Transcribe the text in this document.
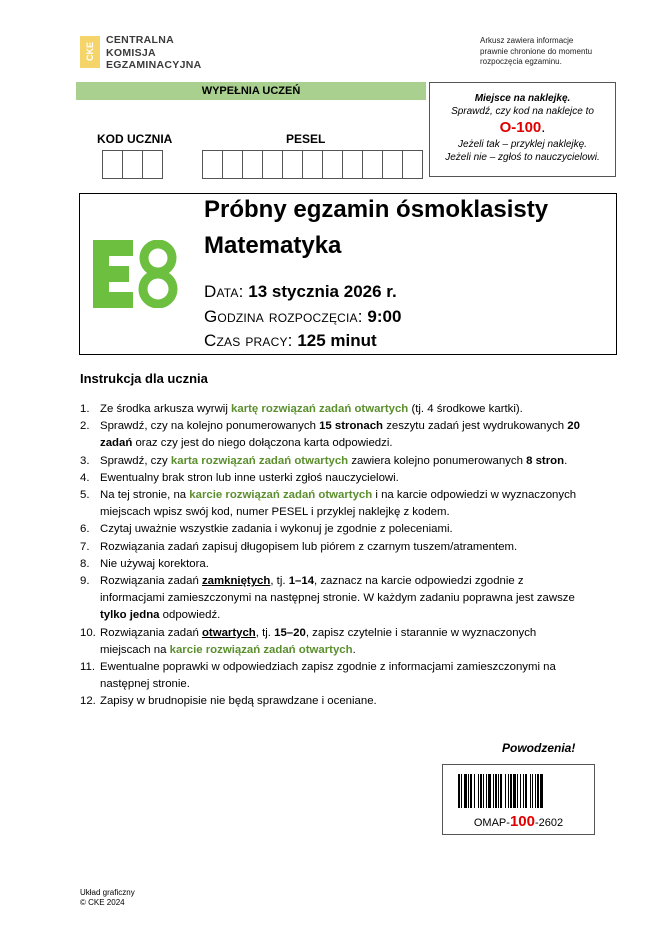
CKE
CENTRALNA
KOMISJA
EGZAMINACYJNA
Arkusz zawiera informacje
prawnie chronione do momentu
rozpoczęcia egzaminu.
WYPEŁNIA UCZEŃ
KOD UCZNIA	PESEL
Miejsce na naklejkę.
Sprawdź, czy kod na naklejce to
O-100.
Jeżeli tak – przyklej naklejkę.
Jeżeli nie – zgłoś to nauczycielowi.
Próbny egzamin ósmoklasisty
Matematyka
Data: 13 stycznia 2026 r.
Godzina rozpoczęcia: 9:00
Czas pracy: 125 minut
Instrukcja dla ucznia
1. Ze środka arkusza wyrwij kartę rozwiązań zadań otwartych (tj. 4 środkowe kartki).
2. Sprawdź, czy na kolejno ponumerowanych 15 stronach zeszytu zadań jest wydrukowanych 20 zadań oraz czy jest do niego dołączona karta odpowiedzi.
3. Sprawdź, czy karta rozwiązań zadań otwartych zawiera kolejno ponumerowanych 8 stron.
4. Ewentualny brak stron lub inne usterki zgłoś nauczycielowi.
5. Na tej stronie, na karcie rozwiązań zadań otwartych i na karcie odpowiedzi w wyznaczonych miejscach wpisz swój kod, numer PESEL i przyklej naklejkę z kodem.
6. Czytaj uważnie wszystkie zadania i wykonuj je zgodnie z poleceniami.
7. Rozwiązania zadań zapisuj długopisem lub piórem z czarnym tuszem/atramentem.
8. Nie używaj korektora.
9. Rozwiązania zadań zamkniętych, tj. 1–14, zaznacz na karcie odpowiedzi zgodnie z informacjami zamieszczonymi na następnej stronie. W każdym zadaniu poprawna jest zawsze tylko jedna odpowiedź.
10. Rozwiązania zadań otwartych, tj. 15–20, zapisz czytelnie i starannie w wyznaczonych miejscach na karcie rozwiązań zadań otwartych.
11. Ewentualne poprawki w odpowiedziach zapisz zgodnie z informacjami zamieszczonymi na następnej stronie.
12. Zapisy w brudnopisie nie będą sprawdzane i oceniane.
Powodzenia!
OMAP-100-2602
Układ graficzny
© CKE 2024
